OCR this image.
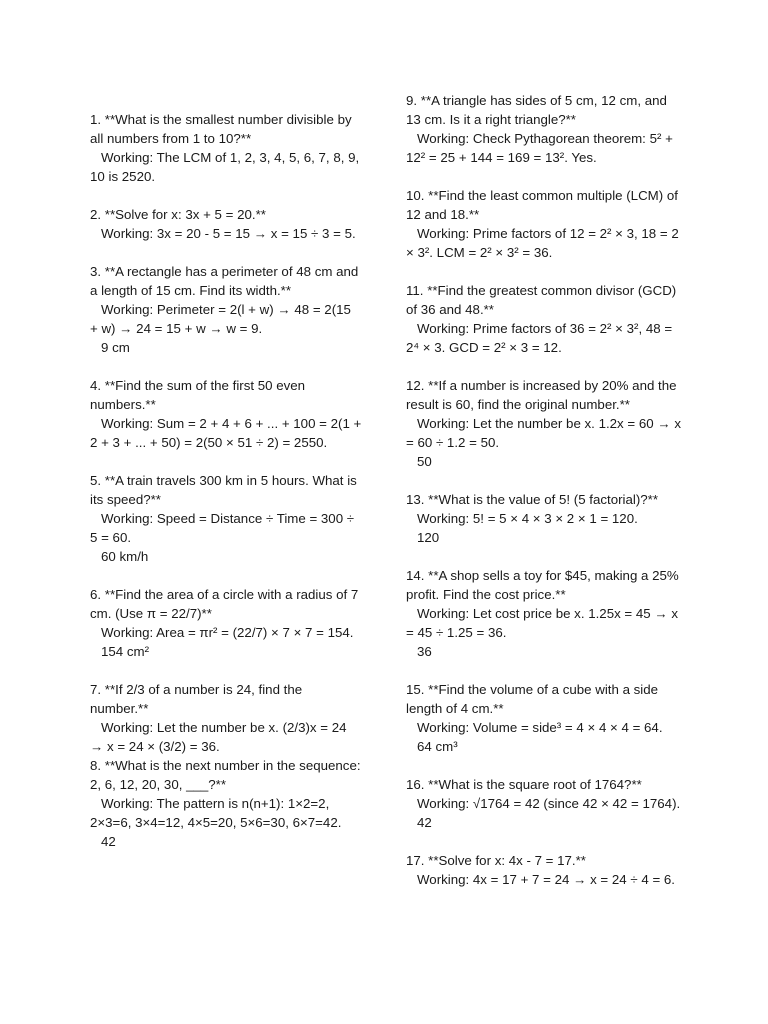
1. **What is the smallest number divisible by all numbers from 1 to 10?**
Working: The LCM of 1, 2, 3, 4, 5, 6, 7, 8, 9, 10 is 2520.
2. **Solve for x: 3x + 5 = 20.**
Working: 3x = 20 - 5 = 15 → x = 15 ÷ 3 = 5.
3. **A rectangle has a perimeter of 48 cm and a length of 15 cm. Find its width.**
Working: Perimeter = 2(l + w) → 48 = 2(15 + w) → 24 = 15 + w → w = 9.
9 cm
4. **Find the sum of the first 50 even numbers.**
Working: Sum = 2 + 4 + 6 + ... + 100 = 2(1 + 2 + 3 + ... + 50) = 2(50 × 51 ÷ 2) = 2550.
5. **A train travels 300 km in 5 hours. What is its speed?**
Working: Speed = Distance ÷ Time = 300 ÷ 5 = 60.
60 km/h
6. **Find the area of a circle with a radius of 7 cm. (Use π = 22/7)**
Working: Area = πr² = (22/7) × 7 × 7 = 154.
154 cm²
7. **If 2/3 of a number is 24, find the number.**
Working: Let the number be x. (2/3)x = 24 → x = 24 × (3/2) = 36.
8. **What is the next number in the sequence: 2, 6, 12, 20, 30, ___?**
Working: The pattern is n(n+1): 1×2=2, 2×3=6, 3×4=12, 4×5=20, 5×6=30, 6×7=42.
42
9. **A triangle has sides of 5 cm, 12 cm, and 13 cm. Is it a right triangle?**
Working: Check Pythagorean theorem: 5² + 12² = 25 + 144 = 169 = 13². Yes.
10. **Find the least common multiple (LCM) of 12 and 18.**
Working: Prime factors of 12 = 2² × 3, 18 = 2 × 3². LCM = 2² × 3² = 36.
11. **Find the greatest common divisor (GCD) of 36 and 48.**
Working: Prime factors of 36 = 2² × 3², 48 = 2⁴ × 3. GCD = 2² × 3 = 12.
12. **If a number is increased by 20% and the result is 60, find the original number.**
Working: Let the number be x. 1.2x = 60 → x = 60 ÷ 1.2 = 50.
50
13. **What is the value of 5! (5 factorial)?**
Working: 5! = 5 × 4 × 3 × 2 × 1 = 120.
120
14. **A shop sells a toy for $45, making a 25% profit. Find the cost price.**
Working: Let cost price be x. 1.25x = 45 → x = 45 ÷ 1.25 = 36.
36
15. **Find the volume of a cube with a side length of 4 cm.**
Working: Volume = side³ = 4 × 4 × 4 = 64.
64 cm³
16. **What is the square root of 1764?**
Working: √1764 = 42 (since 42 × 42 = 1764).
42
17. **Solve for x: 4x - 7 = 17.**
Working: 4x = 17 + 7 = 24 → x = 24 ÷ 4 = 6.
